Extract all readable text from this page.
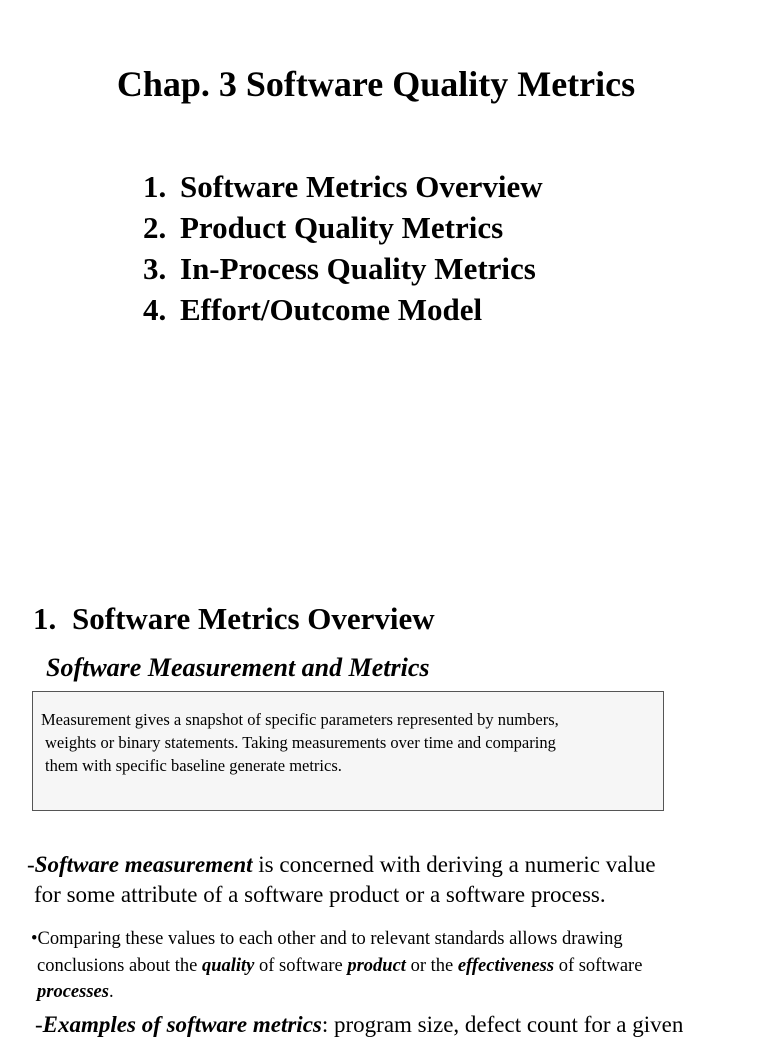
Chap. 3 Software Quality Metrics
1. Software Metrics Overview
2. Product Quality Metrics
3. In-Process Quality Metrics
4. Effort/Outcome Model
1. Software Metrics Overview
Software Measurement and Metrics
Measurement gives a snapshot of specific parameters represented by numbers,
weights or binary statements. Taking measurements over time and comparing
them with specific baseline generate metrics.
-Software measurement is concerned with deriving a numeric value
for some attribute of a software product or a software process.
•Comparing these values to each other and to relevant standards allows drawing
conclusions about the quality of software product or the effectiveness of software
processes.
-Examples of software metrics: program size, defect count for a given
